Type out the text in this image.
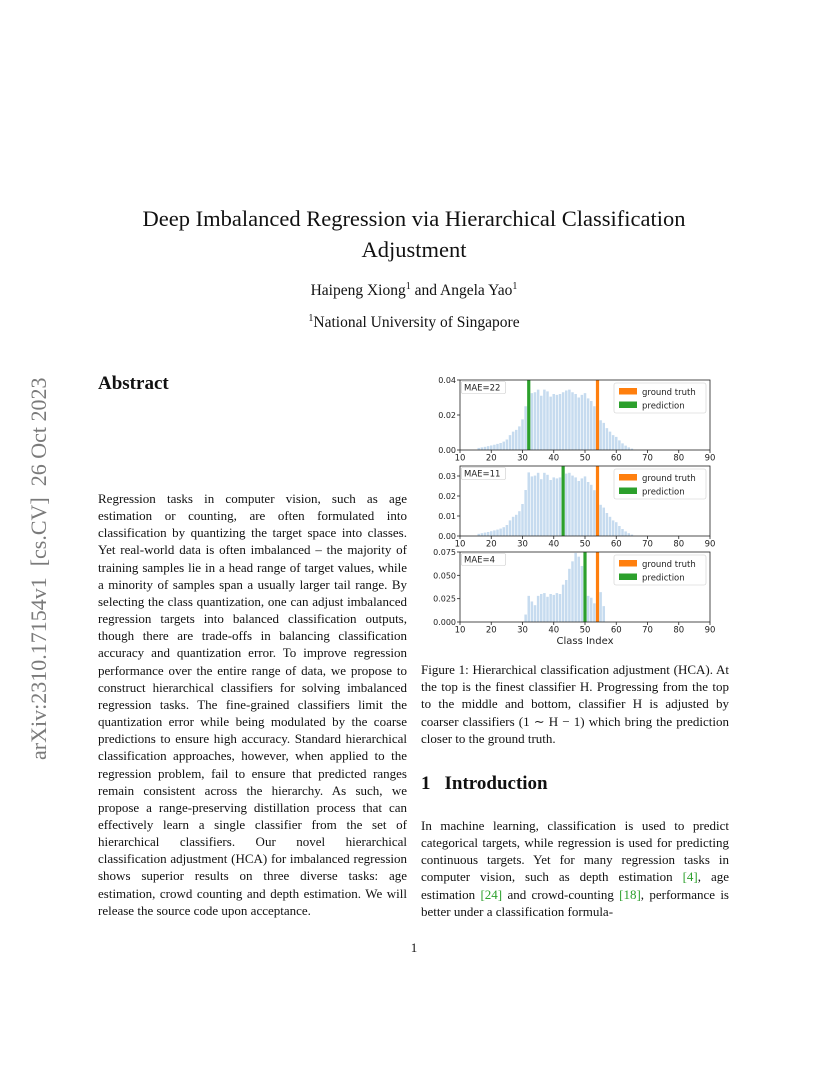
arXiv:2310.17154v1  [cs.CV]  26 Oct 2023
Deep Imbalanced Regression via Hierarchical Classification Adjustment
Haipeng Xiong$^1$ and Angela Yao$^1$
$^1$National University of Singapore
Abstract
Regression tasks in computer vision, such as age estimation or counting, are often formulated into classification by quantizing the target space into classes. Yet real-world data is often imbalanced – the majority of training samples lie in a head range of target values, while a minority of samples span a usually larger tail range. By selecting the class quantization, one can adjust imbalanced regression targets into balanced classification outputs, though there are trade-offs in balancing classification accuracy and quantization error. To improve regression performance over the entire range of data, we propose to construct hierarchical classifiers for solving imbalanced regression tasks. The fine-grained classifiers limit the quantization error while being modulated by the coarse predictions to ensure high accuracy. Standard hierarchical classification approaches, however, when applied to the regression problem, fail to ensure that predicted ranges remain consistent across the hierarchy. As such, we propose a range-preserving distillation process that can effectively learn a single classifier from the set of hierarchical classifiers. Our novel hierarchical classification adjustment (HCA) for imbalanced regression shows superior results on three diverse tasks: age estimation, crowd counting and depth estimation. We will release the source code upon acceptance.
10 20 30 40 50 60 70 80 90
0.00
0.02
0.04
MAE=22	ground truth
prediction
10 20 30 40 50 60 70 80 90
0.00
0.01
0.02
0.03 MAE=11	ground truth
prediction
10 20 30 40 50 60 70 80 90
0.000
0.025
0.050
0.075
MAE=4	ground truth
prediction
Class Index
Figure 1: Hierarchical classification adjustment (HCA). At the top is the finest classifier H. Progressing from the top to the middle and bottom, classifier H is adjusted by coarser classifiers (1 ∼ H − 1) which bring the prediction closer to the ground truth.
1 Introduction
In machine learning, classification is used to predict categorical targets, while regression is used for predicting continuous targets. Yet for many regression tasks in computer vision, such as depth estimation [4], age estimation [24] and crowd-counting [18], performance is better under a classification formula-
1
